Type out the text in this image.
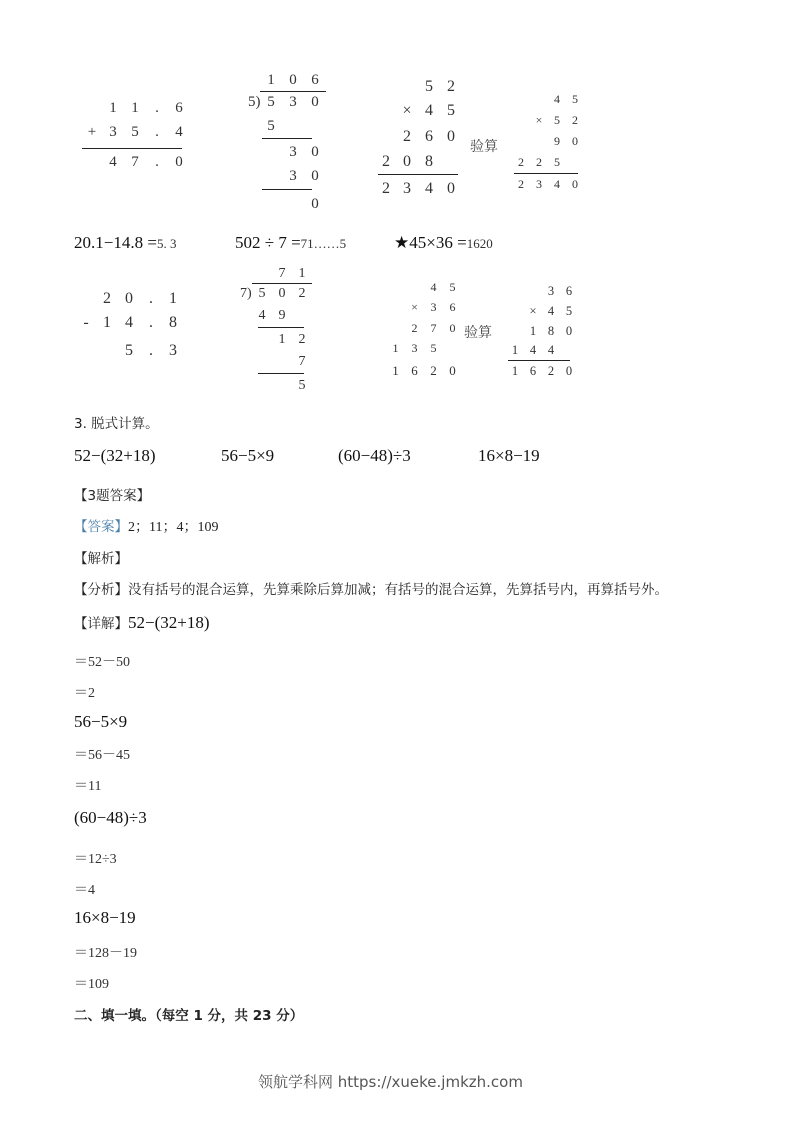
1 1 . 6
+ 3 5 . 4
4 7 . 0
1 0 6
5) 5 3 0
5
3 0
3 0
0
5 2
× 4 5
2 6 0
2 0 8
2 3 4 0
验算
4 5
× 5 2
9 0
2 2 5
2 3 4 0
20.1−14.8 =5. 3	502 ÷ 7 =71……5	★45×36 =1620
2 0 . 1
- 1 4 . 8
5 . 3
7 1
7) 5 0 2
4 9
1 2
7
5
4 5
× 3 6
2 7 0
1 3 5
1 6 2 0
验算
3 6
× 4 5
1 8 0
1 4 4
1 6 2 0
3. 脱式计算。
52−(32+18)	56−5×9	(60−48)÷3	16×8−19
【3题答案】
【答案】2；11；4；109
【解析】
【分析】没有括号的混合运算，先算乘除后算加减；有括号的混合运算，先算括号内，再算括号外。
【详解】52−(32+18)
＝52－50
＝2
56−5×9
＝56－45
＝11
(60−48)÷3
＝12÷3
＝4
16×8−19
＝128－19
＝109
二、填一填。（每空 1 分，共 23 分）
领航学科网 https://xueke.jmkzh.com
